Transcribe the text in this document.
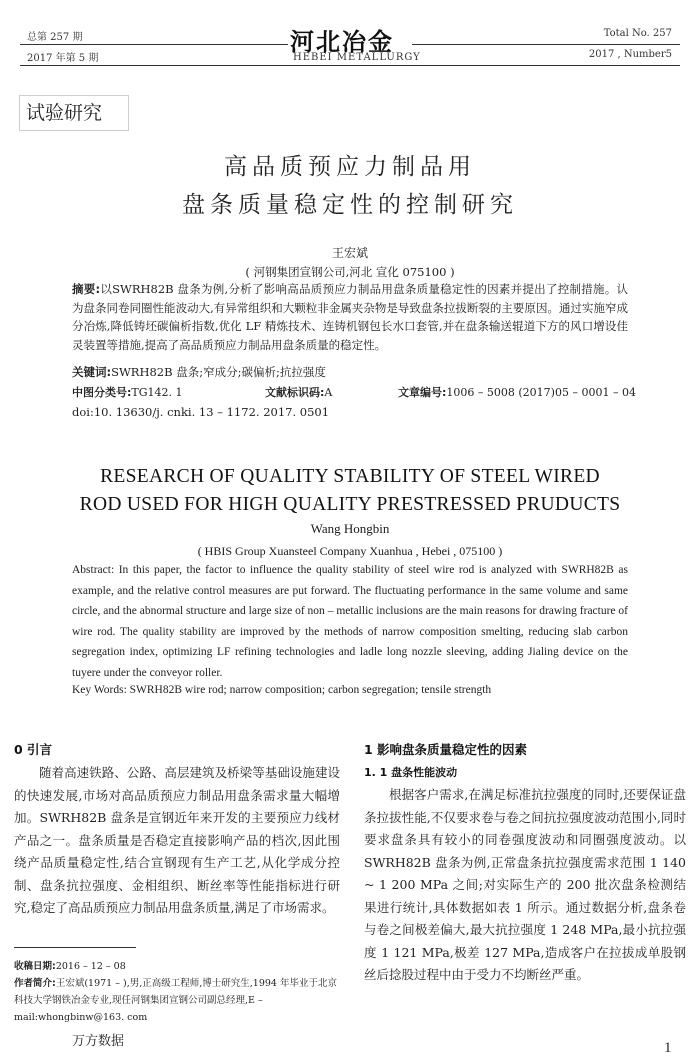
总第 257 期
2017 年第 5 期
河北冶金
HEBEI METALLURGY
Total No. 257
2017 , Number5
试验研究
高品质预应力制品用
盘条质量稳定性的控制研究
王宏斌
( 河钢集团宣钢公司,河北 宣化 075100 )
摘要:以SWRH82B 盘条为例,分析了影响高品质预应力制品用盘条质量稳定性的因素并提出了控制措施。认为盘条同卷同圈性能波动大,有异常组织和大颗粒非金属夹杂物是导致盘条拉拔断裂的主要原因。通过实施窄成分冶炼,降低铸坯碳偏析指数,优化 LF 精炼技术、连铸机钢包长水口套管,并在盘条输送辊道下方的风口增设佳灵装置等措施,提高了高品质预应力制品用盘条质量的稳定性。
关键词:SWRH82B 盘条;窄成分;碳偏析;抗拉强度
中图分类号:TG142. 1	文献标识码:A	文章编号:1006 – 5008 (2017)05 – 0001 – 04
doi:10. 13630/j. cnki. 13 – 1172. 2017. 0501
RESEARCH OF QUALITY STABILITY OF STEEL WIRED
ROD USED FOR HIGH QUALITY PRESTRESSED PRUDUCTS
Wang Hongbin
( HBIS Group Xuansteel Company Xuanhua , Hebei , 075100 )
Abstract: In this paper, the factor to influence the quality stability of steel wire rod is analyzed with SWRH82B as example, and the relative control measures are put forward. The fluctuating performance in the same volume and same circle, and the abnormal structure and large size of non – metallic inclusions are the main reasons for drawing fracture of wire rod. The quality stability are improved by the methods of narrow composition smelting, reducing slab carbon segregation index, optimizing LF refining technologies and ladle long nozzle sleeving, adding Jialing device on the tuyere under the conveyor roller.
Key Words: SWRH82B wire rod; narrow composition; carbon segregation; tensile strength
0 引言
随着高速铁路、公路、高层建筑及桥梁等基础设施建设的快速发展,市场对高品质预应力制品用盘条需求量大幅增加。SWRH82B 盘条是宣钢近年来开发的主要预应力线材产品之一。盘条质量是否稳定直接影响产品的档次,因此围绕产品质量稳定性,结合宣钢现有生产工艺,从化学成分控制、盘条抗拉强度、金相组织、断丝率等性能指标进行研究,稳定了高品质预应力制品用盘条质量,满足了市场需求。
收稿日期:2016 – 12 – 08
作者简介:王宏斌(1971 – ),男,正高级工程师,博士研究生,1994 年毕业于北京科技大学钢铁冶金专业,现任河钢集团宣钢公司副总经理,E – mail:whongbinw@163. com
1 影响盘条质量稳定性的因素
1. 1 盘条性能波动
根据客户需求,在满足标准抗拉强度的同时,还要保证盘条拉拔性能,不仅要求卷与卷之间抗拉强度波动范围小,同时要求盘条具有较小的同卷强度波动和同圈强度波动。以 SWRH82B 盘条为例,正常盘条抗拉强度需求范围 1 140 ~ 1 200 MPa 之间;对实际生产的 200 批次盘条检测结果进行统计,具体数据如表 1 所示。通过数据分析,盘条卷与卷之间极差偏大,最大抗拉强度 1 248 MPa,最小抗拉强度 1 121 MPa,极差 127 MPa,造成客户在拉拔成单股钢丝后捻股过程中由于受力不均断丝严重。
万方数据	1
